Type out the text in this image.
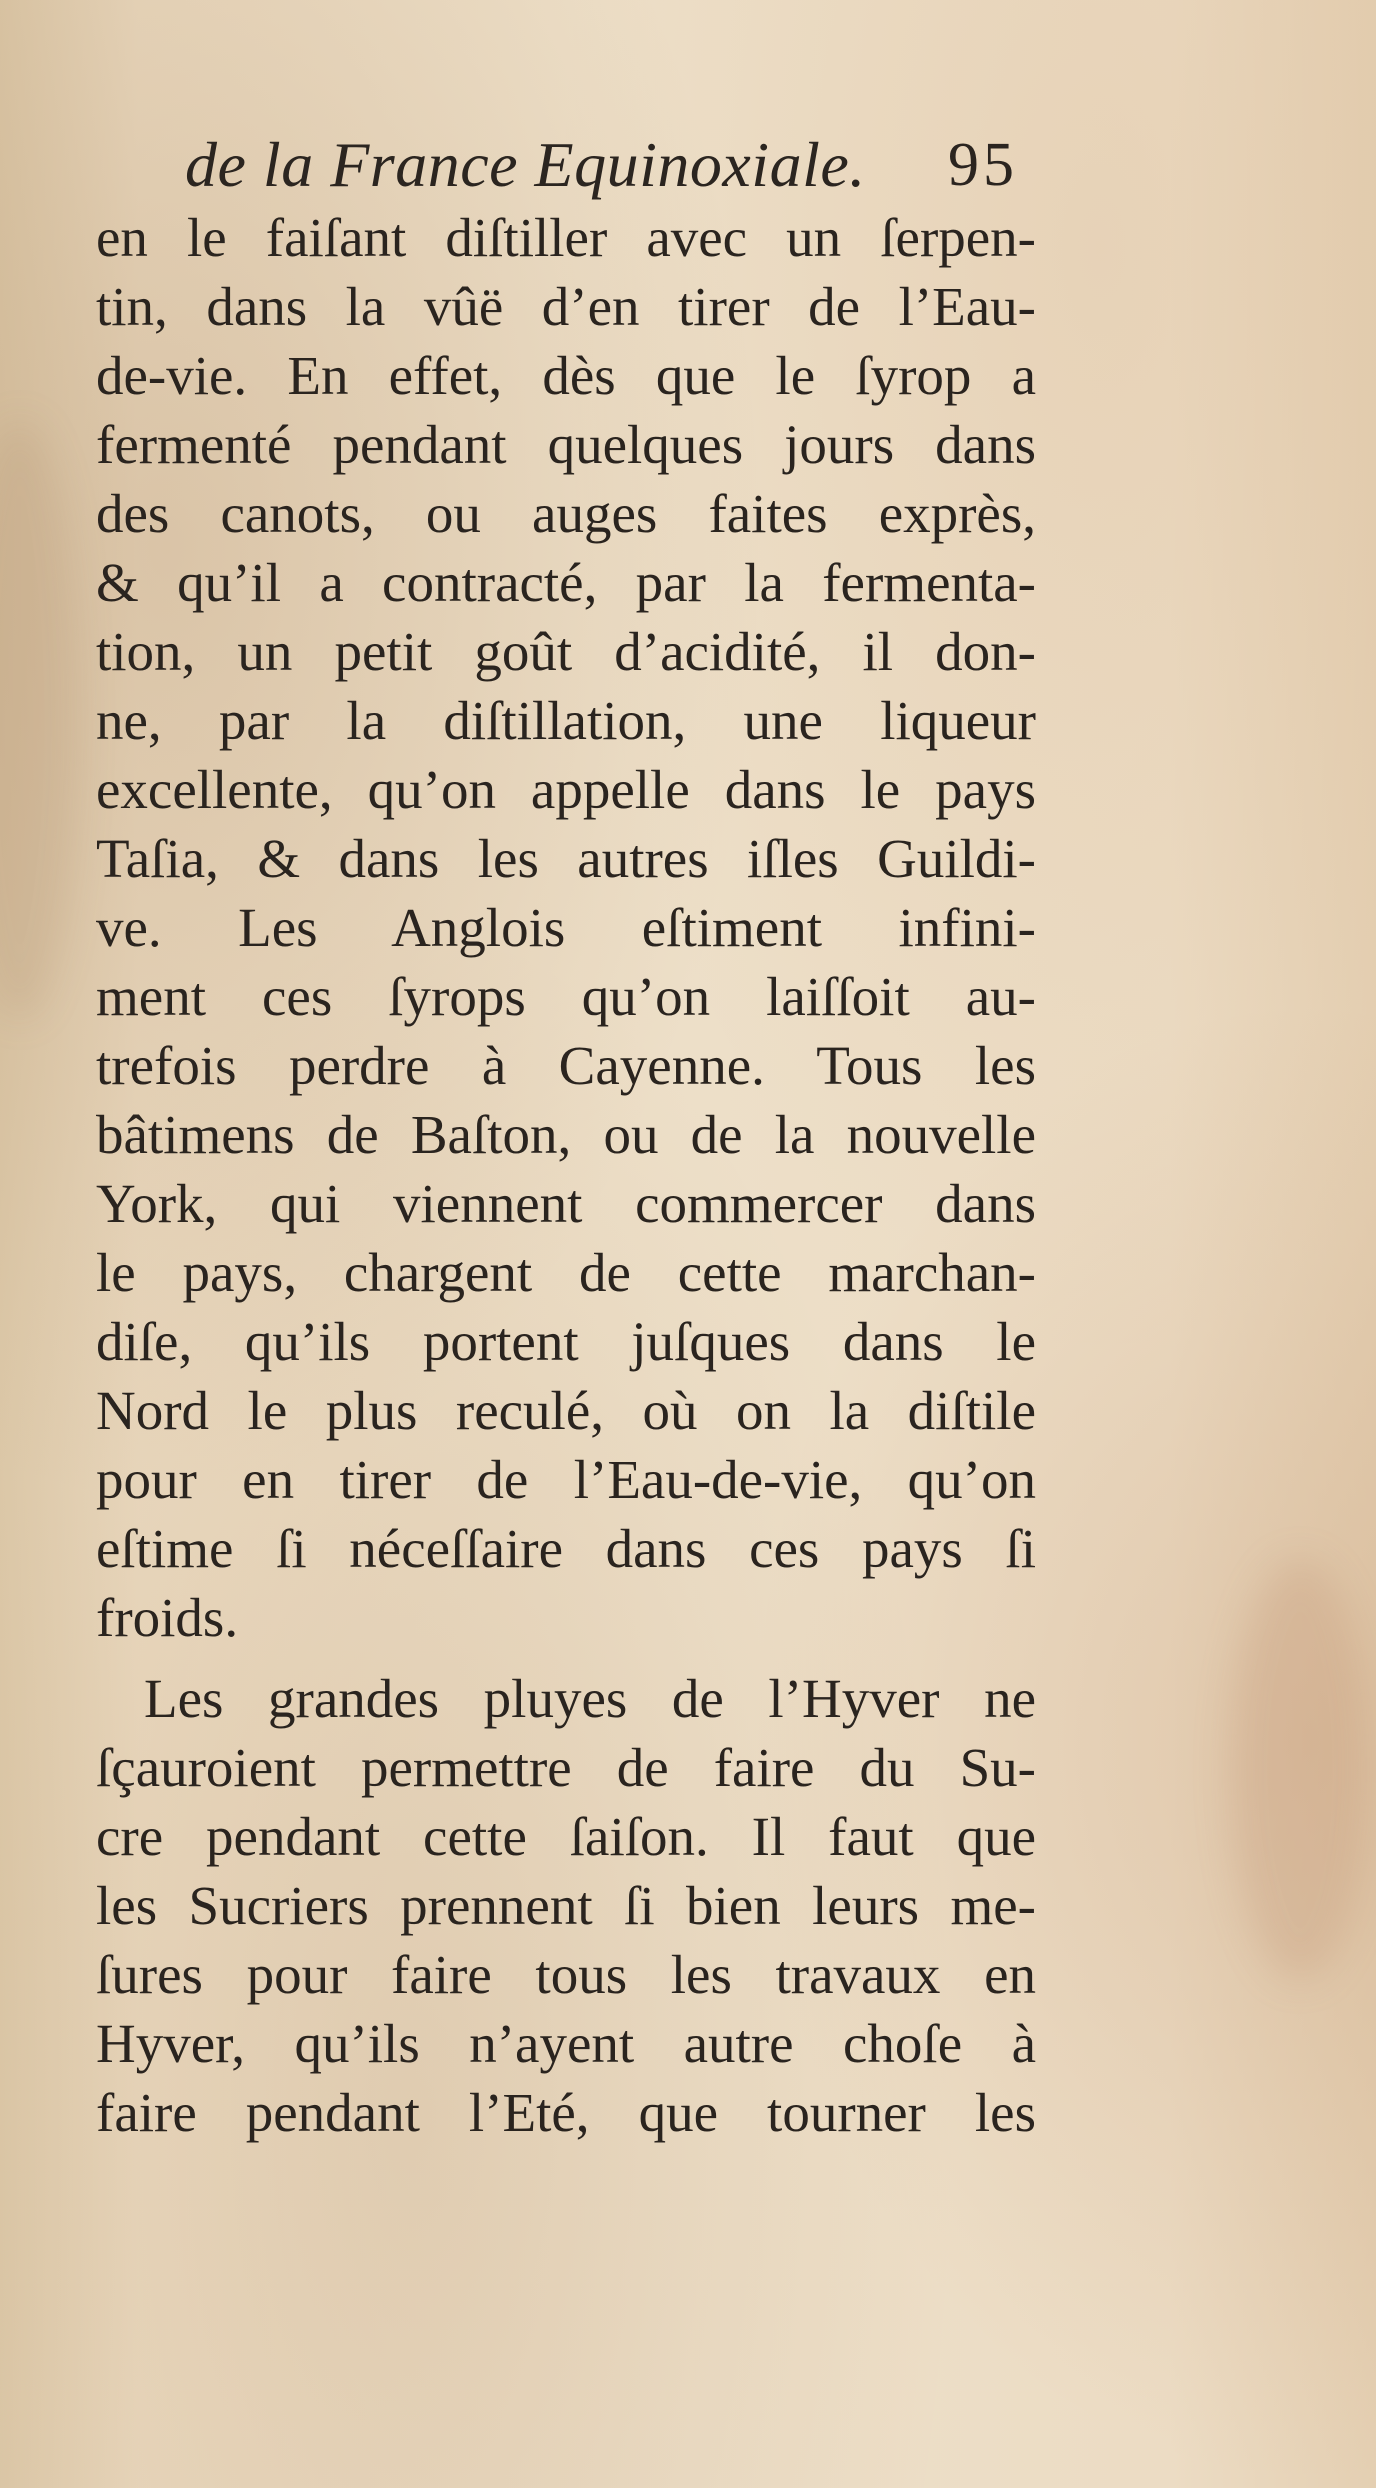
de la France Equinoxiale. 95
en le faiſant diſtiller avec un ſerpen-
tin, dans la vûë d’en tirer de l’Eau-
de-vie. En effet, dès que le ſyrop a
fermenté pendant quelques jours dans
des canots, ou auges faites exprès,
& qu’il a contracté, par la fermenta-
tion, un petit goût d’acidité, il don-
ne, par la diſtillation, une liqueur
excellente, qu’on appelle dans le pays
Taſia, & dans les autres iſles Guildi-
ve. Les Anglois eſtiment infini-
ment ces ſyrops qu’on laiſſoit au-
trefois perdre à Cayenne. Tous les
bâtimens de Baſton, ou de la nouvelle
York, qui viennent commercer dans
le pays, chargent de cette marchan-
diſe, qu’ils portent juſques dans le
Nord le plus reculé, où on la diſtile
pour en tirer de l’Eau-de-vie, qu’on
eſtime ſi néceſſaire dans ces pays ſi
froids.
Les grandes pluyes de l’Hyver ne
ſçauroient permettre de faire du Su-
cre pendant cette ſaiſon. Il faut que
les Sucriers prennent ſi bien leurs me-
ſures pour faire tous les travaux en
Hyver, qu’ils n’ayent autre choſe à
faire pendant l’Eté, que tourner les
